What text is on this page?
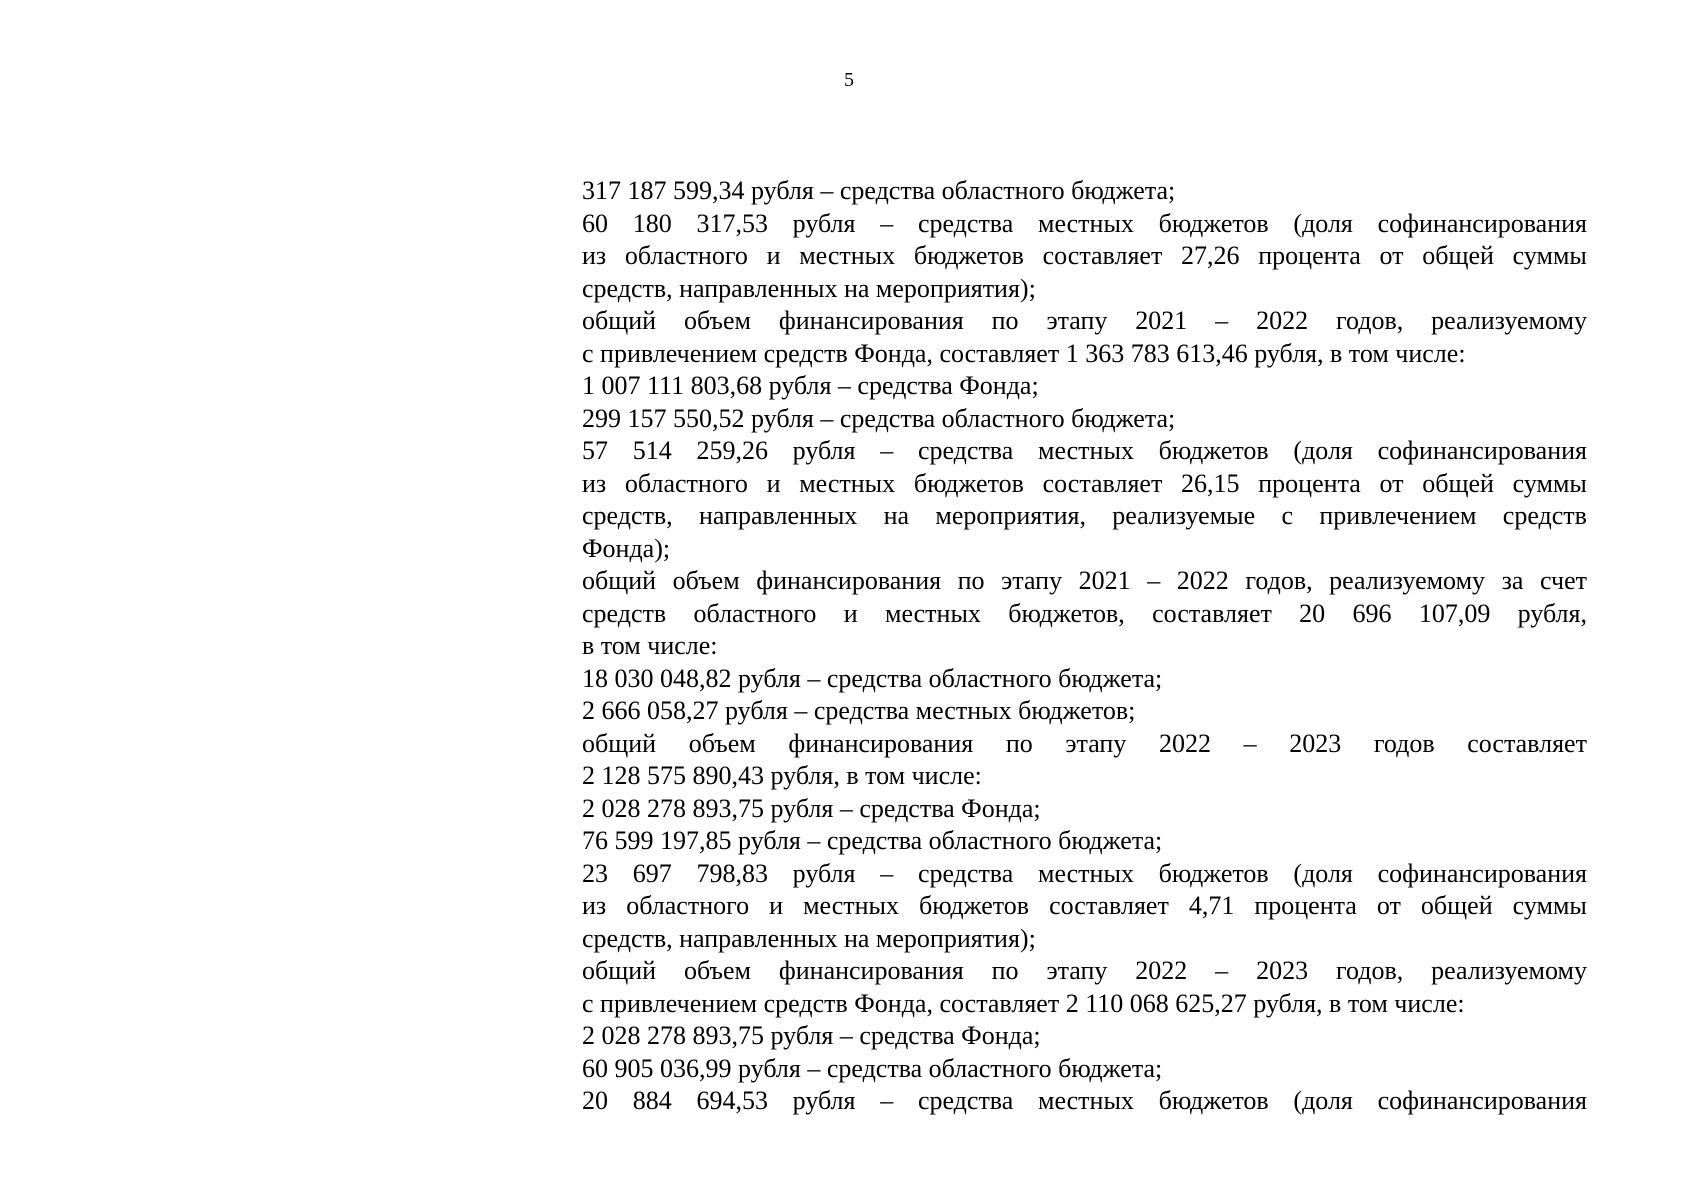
5
317 187 599,34 рубля – средства областного бюджета;
60 180 317,53 рубля – средства местных бюджетов (доля софинансирования
из областного и местных бюджетов составляет 27,26 процента от общей суммы
средств, направленных на мероприятия);
общий объем финансирования по этапу 2021 – 2022 годов, реализуемому
с привлечением средств Фонда, составляет 1 363 783 613,46 рубля, в том числе:
1 007 111 803,68 рубля – средства Фонда;
299 157 550,52 рубля – средства областного бюджета;
57 514 259,26 рубля – средства местных бюджетов (доля софинансирования
из областного и местных бюджетов составляет 26,15 процента от общей суммы
средств, направленных на мероприятия, реализуемые с привлечением средств
Фонда);
общий объем финансирования по этапу 2021 – 2022 годов, реализуемому за счет
средств областного и местных бюджетов, составляет 20 696 107,09 рубля,
в том числе:
18 030 048,82 рубля – средства областного бюджета;
2 666 058,27 рубля – средства местных бюджетов;
общий объем финансирования по этапу 2022 – 2023 годов составляет
2 128 575 890,43 рубля, в том числе:
2 028 278 893,75 рубля – средства Фонда;
76 599 197,85 рубля – средства областного бюджета;
23 697 798,83 рубля – средства местных бюджетов (доля софинансирования
из областного и местных бюджетов составляет 4,71 процента от общей суммы
средств, направленных на мероприятия);
общий объем финансирования по этапу 2022 – 2023 годов, реализуемому
с привлечением средств Фонда, составляет 2 110 068 625,27 рубля, в том числе:
2 028 278 893,75 рубля – средства Фонда;
60 905 036,99 рубля – средства областного бюджета;
20 884 694,53 рубля – средства местных бюджетов (доля софинансирования
